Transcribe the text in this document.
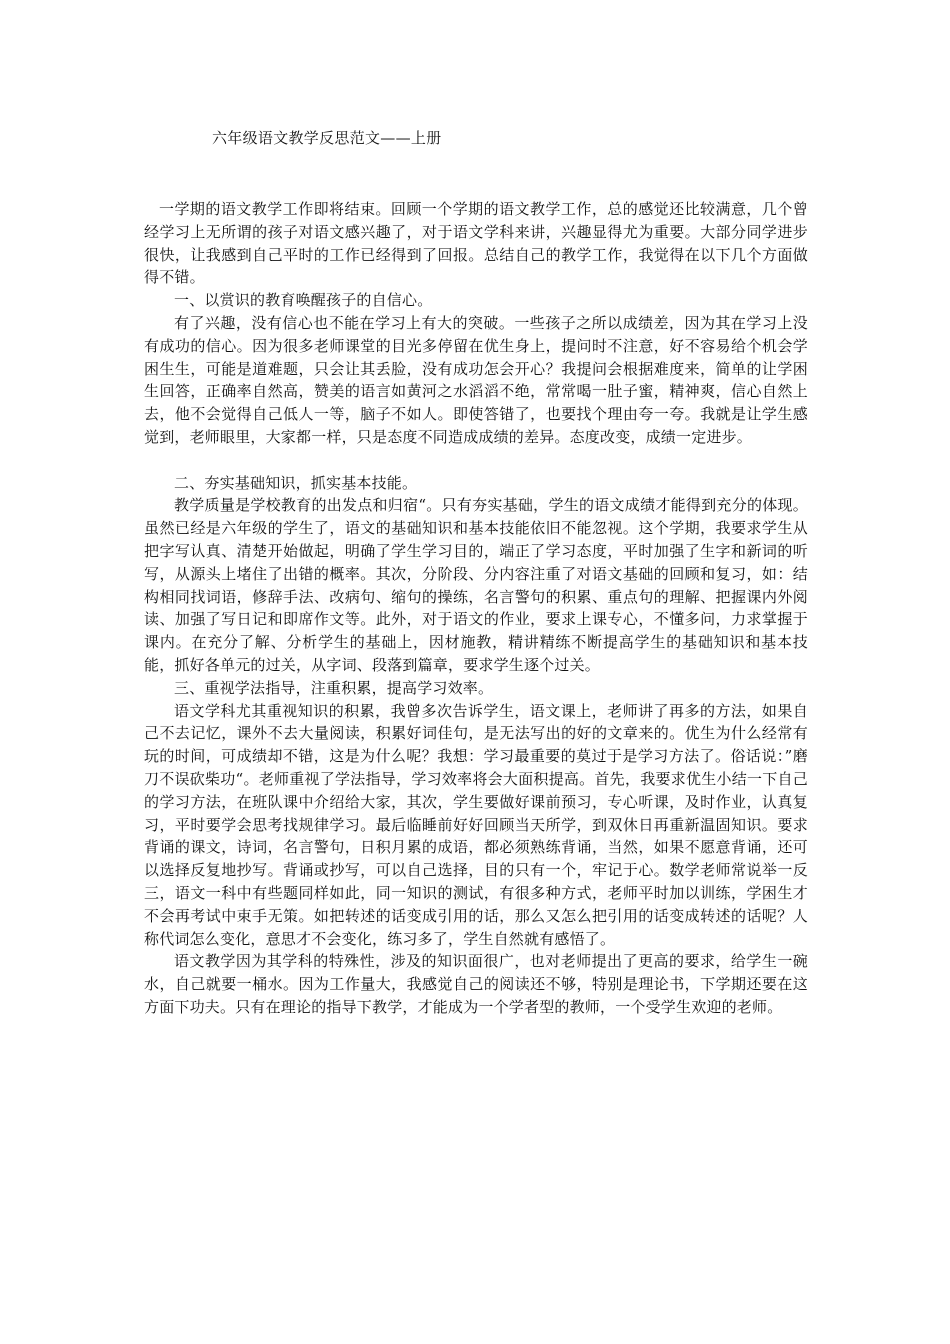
六年级语文教学反思范文——上册

一学期的语文教学工作即将结束。回顾一个学期的语文教学工作，总的感觉还比较满意，几个曾经学习上无所谓的孩子对语文感兴趣了，对于语文学科来讲，兴趣显得尤为重要。大部分同学进步很快，让我感到自己平时的工作已经得到了回报。总结自己的教学工作，我觉得在以下几个方面做得不错。

一、以赏识的教育唤醒孩子的自信心。

有了兴趣，没有信心也不能在学习上有大的突破。一些孩子之所以成绩差，因为其在学习上没有成功的信心。因为很多老师课堂的目光多停留在优生身上，提问时不注意，好不容易给个机会学困生生，可能是道难题，只会让其丢脸，没有成功怎会开心？我提问会根据难度来，简单的让学困生回答，正确率自然高，赞美的语言如黄河之水滔滔不绝，常常喝一肚子蜜，精神爽，信心自然上去，他不会觉得自己低人一等，脑子不如人。即使答错了，也要找个理由夸一夸。我就是让学生感觉到，老师眼里，大家都一样，只是态度不同造成成绩的差异。态度改变，成绩一定进步。

二、夯实基础知识，抓实基本技能。

教学质量是学校教育的出发点和归宿“。只有夯实基础，学生的语文成绩才能得到充分的体现。虽然已经是六年级的学生了，语文的基础知识和基本技能依旧不能忽视。这个学期，我要求学生从把字写认真、清楚开始做起，明确了学生学习目的，端正了学习态度，平时加强了生字和新词的听写，从源头上堵住了出错的概率。其次，分阶段、分内容注重了对语文基础的回顾和复习，如：结构相同找词语，修辞手法、改病句、缩句的操练，名言警句的积累、重点句的理解、把握课内外阅读、加强了写日记和即席作文等。此外，对于语文的作业，要求上课专心，不懂多问，力求掌握于课内。在充分了解、分析学生的基础上，因材施教，精讲精练不断提高学生的基础知识和基本技能，抓好各单元的过关，从字词、段落到篇章，要求学生逐个过关。

三、重视学法指导，注重积累，提高学习效率。

语文学科尤其重视知识的积累，我曾多次告诉学生，语文课上，老师讲了再多的方法，如果自己不去记忆，课外不去大量阅读，积累好词佳句，是无法写出的好的文章来的。优生为什么经常有玩的时间，可成绩却不错，这是为什么呢？我想：学习最重要的莫过于是学习方法了。俗话说：”磨刀不误砍柴功“。老师重视了学法指导，学习效率将会大面积提高。首先，我要求优生小结一下自己的学习方法，在班队课中介绍给大家，其次，学生要做好课前预习，专心听课，及时作业，认真复习，平时要学会思考找规律学习。最后临睡前好好回顾当天所学，到双休日再重新温固知识。要求背诵的课文，诗词，名言警句，日积月累的成语，都必须熟练背诵，当然，如果不愿意背诵，还可以选择反复地抄写。背诵或抄写，可以自己选择，目的只有一个，牢记于心。数学老师常说举一反三，语文一科中有些题同样如此，同一知识的测试，有很多种方式，老师平时加以训练，学困生才不会再考试中束手无策。如把转述的话变成引用的话，那么又怎么把引用的话变成转述的话呢？人称代词怎么变化，意思才不会变化，练习多了，学生自然就有感悟了。

语文教学因为其学科的特殊性，涉及的知识面很广，也对老师提出了更高的要求，给学生一碗水，自己就要一桶水。因为工作量大，我感觉自己的阅读还不够，特别是理论书，下学期还要在这方面下功夫。只有在理论的指导下教学，才能成为一个学者型的教师，一个受学生欢迎的老师。
